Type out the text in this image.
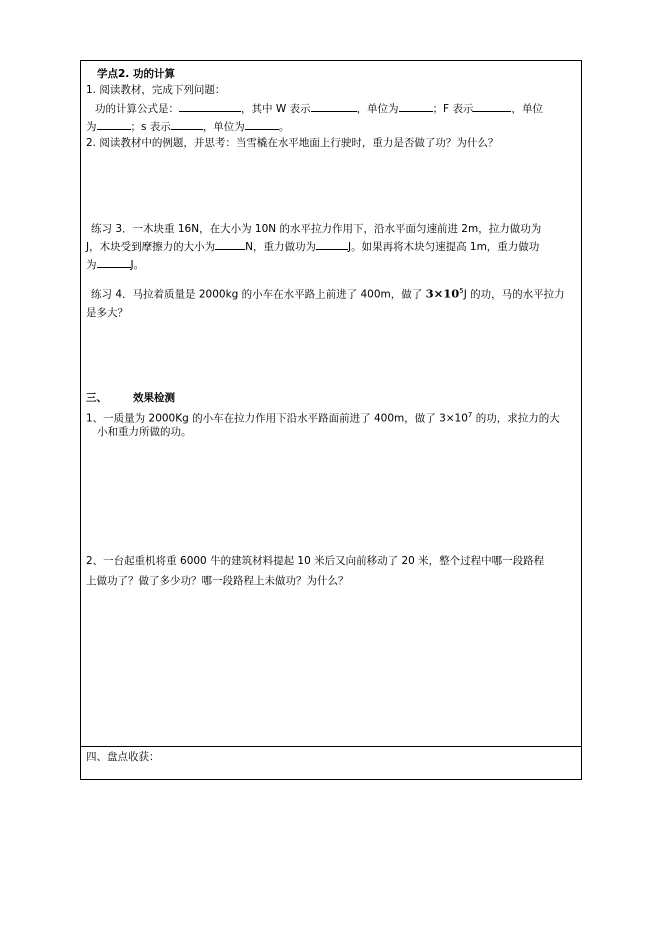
学点2. 功的计算
1. 阅读教材，完成下列问题：
功的计算公式是：	，其中 W 表示	，单位为	；F 表示	，单位
为	；s 表示	，单位为	。
2. 阅读教材中的例题，并思考：当雪橇在水平地面上行驶时，重力是否做了功？为什么？
练习 3．一木块重 16N，在大小为 10N 的水平拉力作用下，沿水平面匀速前进 2m，拉力做功为
J，木块受到摩擦力的大小为	N，重力做功为	J。如果再将木块匀速提高 1m，重力做功
为	J。
练习 4．马拉着质量是 2000kg 的小车在水平路上前进了 400m，做了 $3\times 10^5J$ 的功，马的水平拉力
是多大？
三、 效果检测
1、一质量为 2000Kg 的小车在拉力作用下沿水平路面前进了 400m，做了 $3\times 10^7$ 的功，求拉力的大
小和重力所做的功。
2、一台起重机将重 6000 牛的建筑材料提起 10 米后又向前移动了 20 米，整个过程中哪一段路程
上做功了？做了多少功？哪一段路程上未做功？为什么？
四、盘点收获：
